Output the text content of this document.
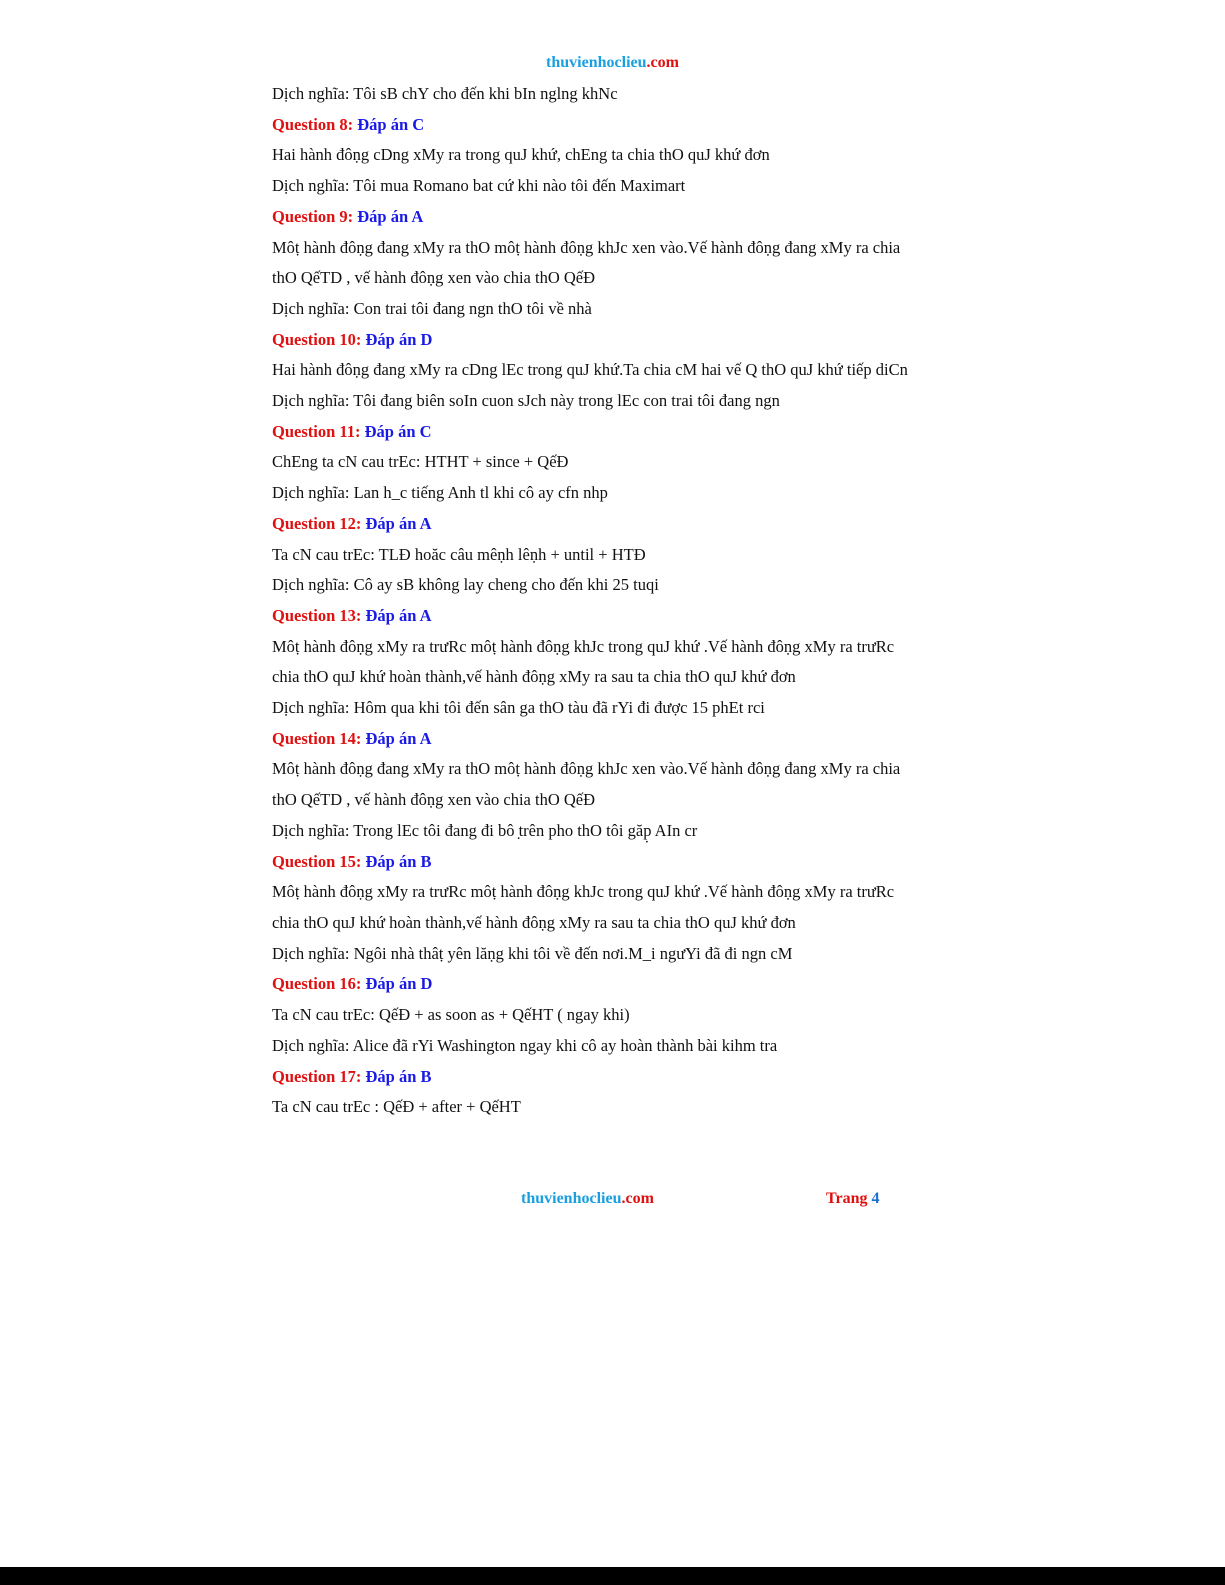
thuvienhoclieu.com
Dịch nghĩa: Tôi sB chY cho đến khi bIn nglng khNc
Question 8: Đáp án C
Hai hành đôṇg cDng xMy ra trong quJ khứ, chEng ta chia thO quJ khứ đơn
Dịch nghĩa: Tôi mua Romano bat cứ khi nào tôi đến Maximart
Question 9: Đáp án A
Môṭ hành đôṇg đang xMy ra thO môṭ hành đôṇg khJc xen vào.Vế hành đôṇg đang xMy ra chia
thO QếTD , vế hành đôṇg xen vào chia thO QếĐ
Dịch nghĩa: Con trai tôi đang ngn thO tôi về nhà
Question 10: Đáp án D
Hai hành đôṇg đang xMy ra cDng lEc trong quJ khứ.Ta chia cM hai vế Q thO quJ khứ tiếp diCn
Dịch nghĩa: Tôi đang biên soIn cuon sJch này trong lEc con trai tôi đang ngn
Question 11: Đáp án C
ChEng ta cN cau trEc: HTHT + since + QếĐ
Dịch nghĩa: Lan h_c tiếng Anh tl khi cô ay cfn nhp
Question 12: Đáp án A
Ta cN cau trEc: TLĐ hoăc câu mêṇh lêṇh + until + HTĐ
Dịch nghĩa: Cô ay sB không lay cheng cho đến khi 25 tuqi
Question 13: Đáp án A
Môṭ hành đôṇg xMy ra trưRc môṭ hành đôṇg khJc trong quJ khứ .Vế hành đôṇg xMy ra trưRc
chia thO quJ khứ hoàn thành,vế hành đôṇg xMy ra sau ta chia thO quJ khứ đơn
Dịch nghĩa: Hôm qua khi tôi đến sân ga thO tàu đã rYi đi được 15 phEt rci
Question 14: Đáp án A
Môṭ hành đôṇg đang xMy ra thO môṭ hành đôṇg khJc xen vào.Vế hành đôṇg đang xMy ra chia
thO QếTD , vế hành đôṇg xen vào chia thO QếĐ
Dịch nghĩa: Trong lEc tôi đang đi bô ̣trên pho thO tôi găp̣ AIn cr
Question 15: Đáp án B
Môṭ hành đôṇg xMy ra trưRc môṭ hành đôṇg khJc trong quJ khứ .Vế hành đôṇg xMy ra trưRc
chia thO quJ khứ hoàn thành,vế hành đôṇg xMy ra sau ta chia thO quJ khứ đơn
Dịch nghĩa: Ngôi nhà thâṭ yên lăṇg khi tôi về đến nơi.M_i ngưYi đã đi ngn cM
Question 16: Đáp án D
Ta cN cau trEc: QếĐ + as soon as + QếHT ( ngay khi)
Dịch nghĩa: Alice đã rYi Washington ngay khi cô ay hoàn thành bài kihm tra
Question 17: Đáp án B
Ta cN cau trEc : QếĐ + after + QếHT
thuvienhoclieu.com	Trang 4
